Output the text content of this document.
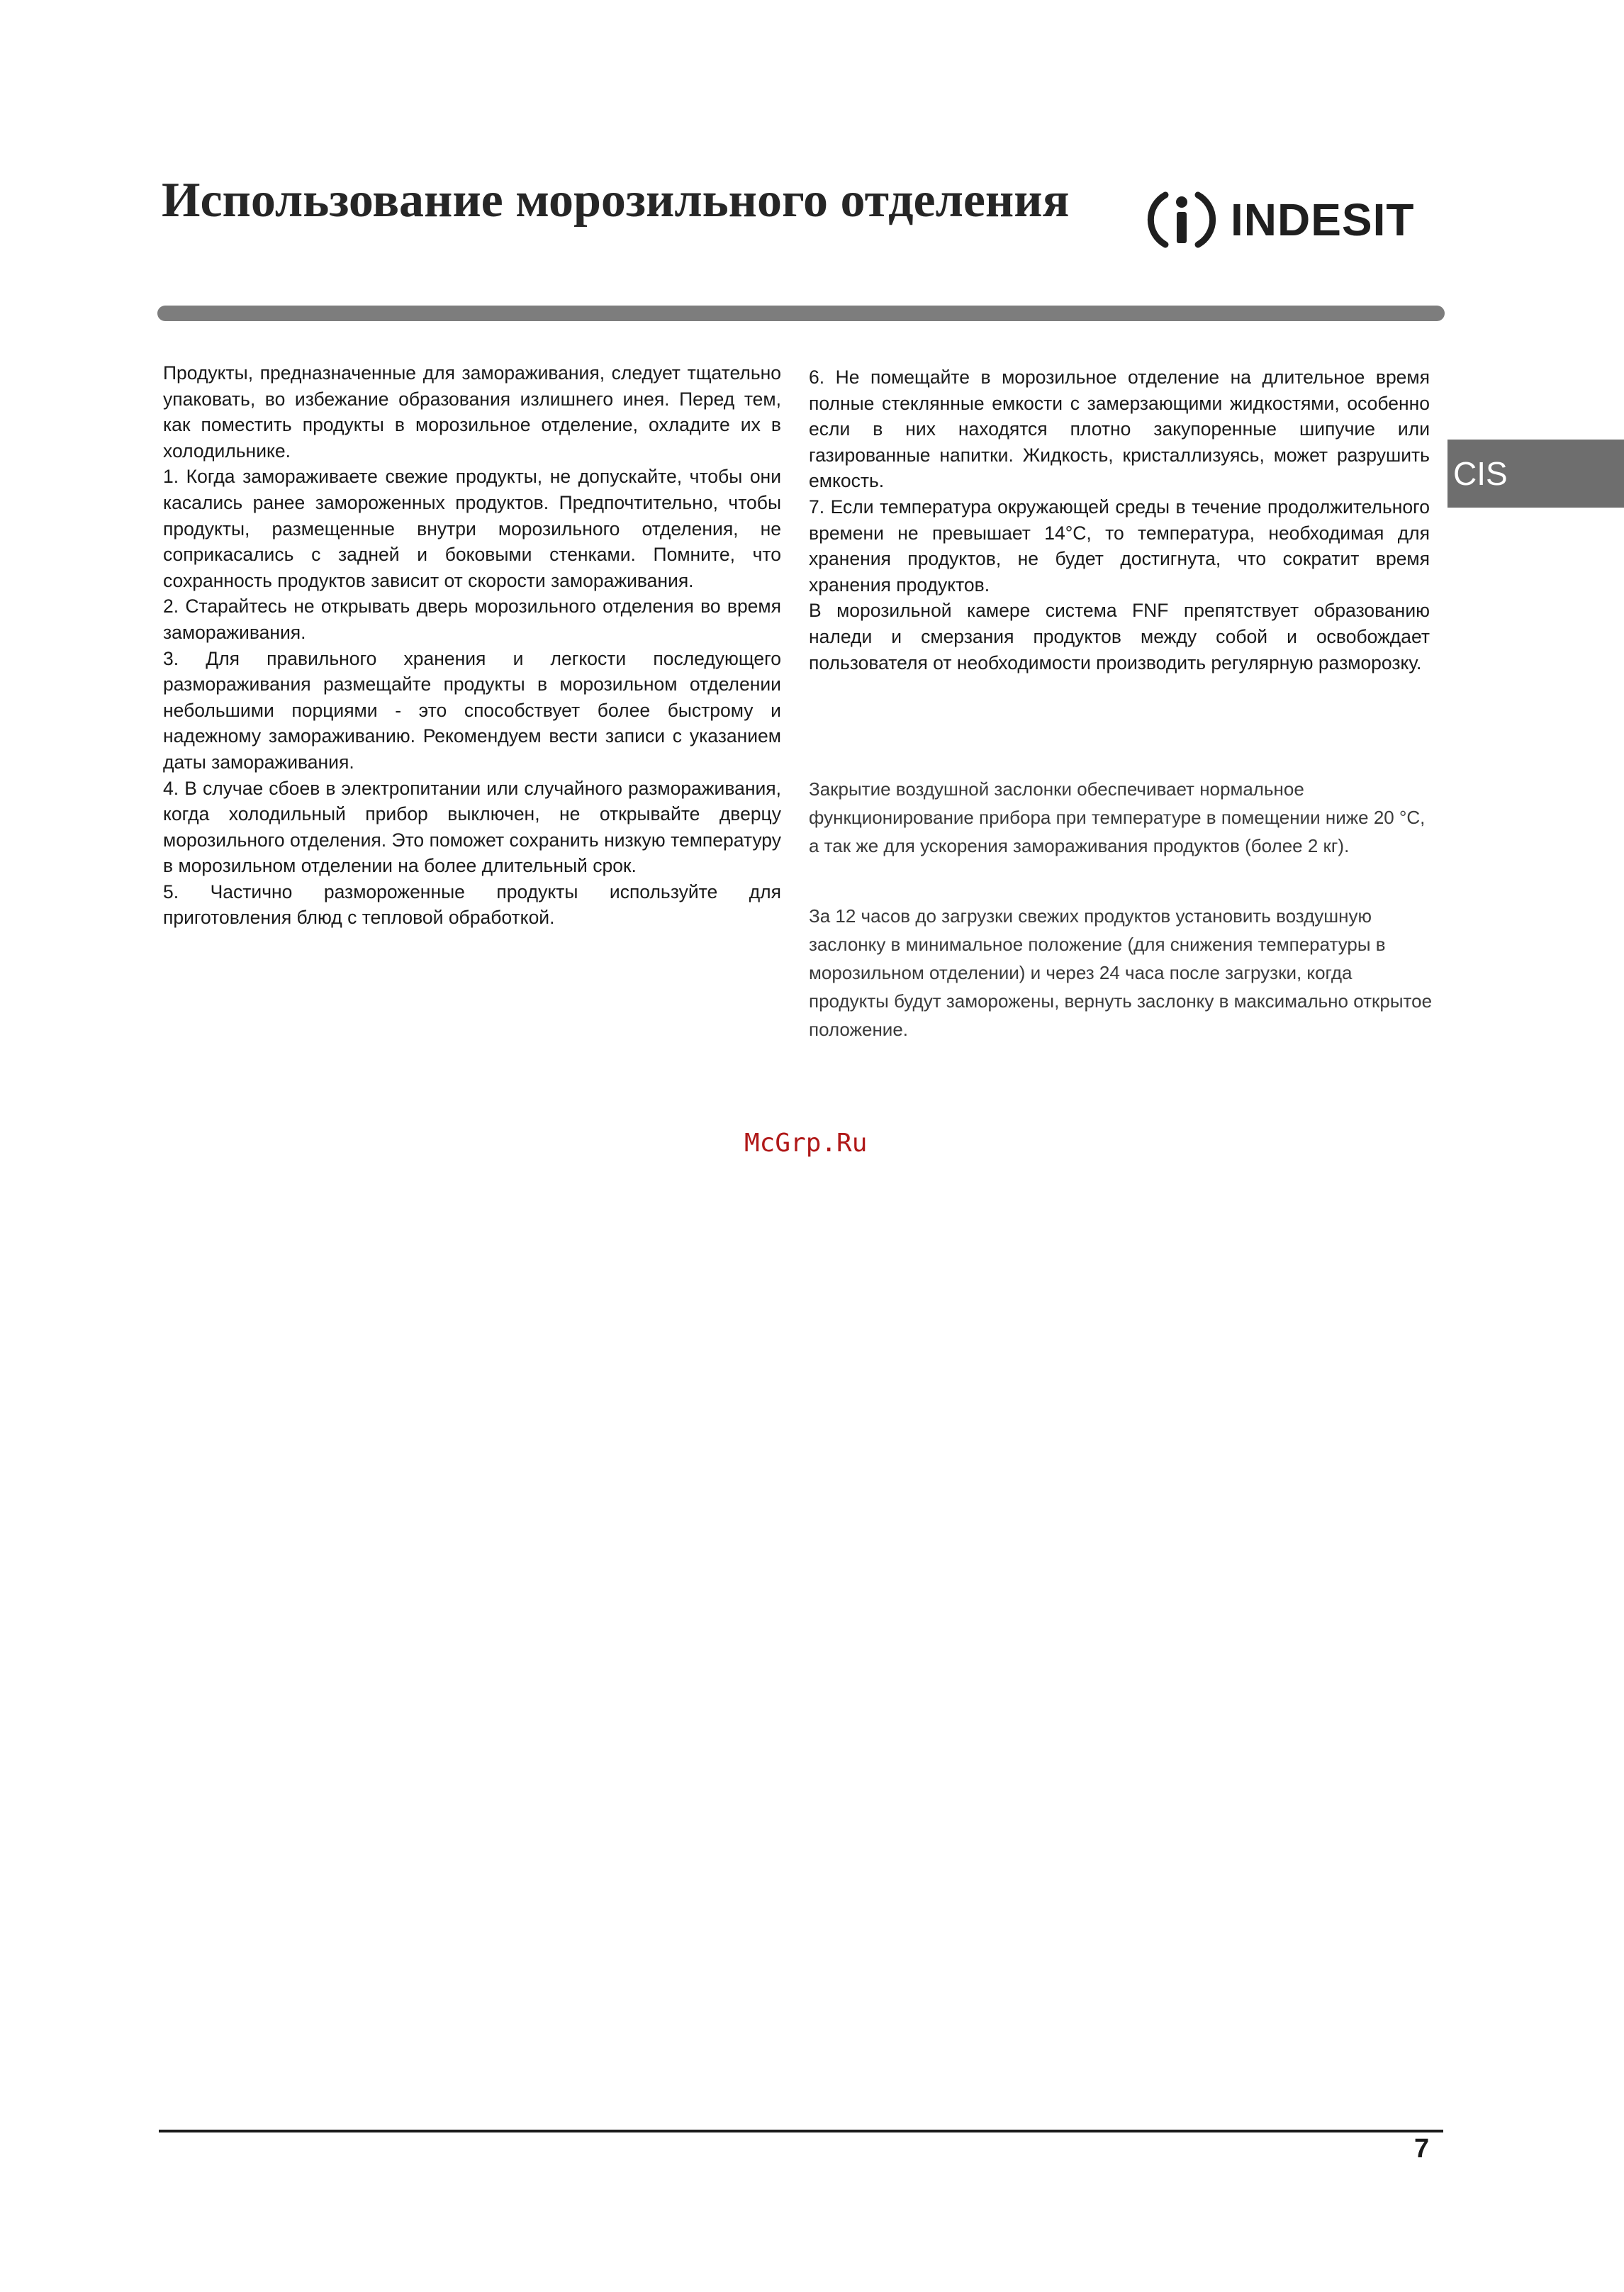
Использование морозильного отделения	INDESIT
CIS

Продукты, предназначенные для замораживания, следует тщательно упаковать, во избежание образования излишнего инея. Перед тем, как поместить продукты в морозильное отделение, охладите их в холодильнике.

1. Когда замораживаете свежие продукты, не допускайте, чтобы они касались ранее замороженных продуктов. Предпочтительно, чтобы продукты, размещенные внутри морозильного отделения, не соприкасались с задней и боковыми стенками. Помните, что сохранность продуктов зависит от скорости замораживания.

2. Старайтесь не открывать дверь морозильного отделения во время замораживания.

3. Для правильного хранения и легкости последующего размораживания размещайте продукты в морозильном отделении небольшими порциями - это способствует более быстрому и надежному замораживанию. Рекомендуем вести записи с указанием даты замораживания.

4. В случае сбоев в электропитании или случайного размораживания, когда холодильный прибор выключен, не открывайте дверцу морозильного отделения. Это поможет сохранить низкую температуру в морозильном отделении на более длительный срок.

5. Частично размороженные продукты используйте для приготовления блюд с тепловой обработкой.

6. Не помещайте в морозильное отделение на длительное время полные стеклянные емкости с замерзающими жидкостями, особенно если в них находятся плотно закупоренные шипучие или газированные напитки. Жидкость, кристаллизуясь, может разрушить емкость.

7. Если температура окружающей среды в течение продолжительного времени не превышает 14°C, то температура, необходимая для хранения продуктов, не будет достигнута, что сократит время хранения продуктов.

В морозильной камере система FNF препятствует образованию наледи и смерзания продуктов между собой и освобождает пользователя от необходимости производить регулярную разморозку.

Закрытие воздушной заслонки обеспечивает нормальное функционирование прибора при температуре в помещении ниже 20 °C, а так же для ускорения замораживания продуктов (более 2 кг).
За 12 часов до загрузки свежих продуктов установить воздушную заслонку в минимальное положение (для снижения температуры в морозильном отделении) и через 24 часа после загрузки, когда продукты будут заморожены, вернуть заслонку в максимально открытое положение.
McGrp.Ru
7
